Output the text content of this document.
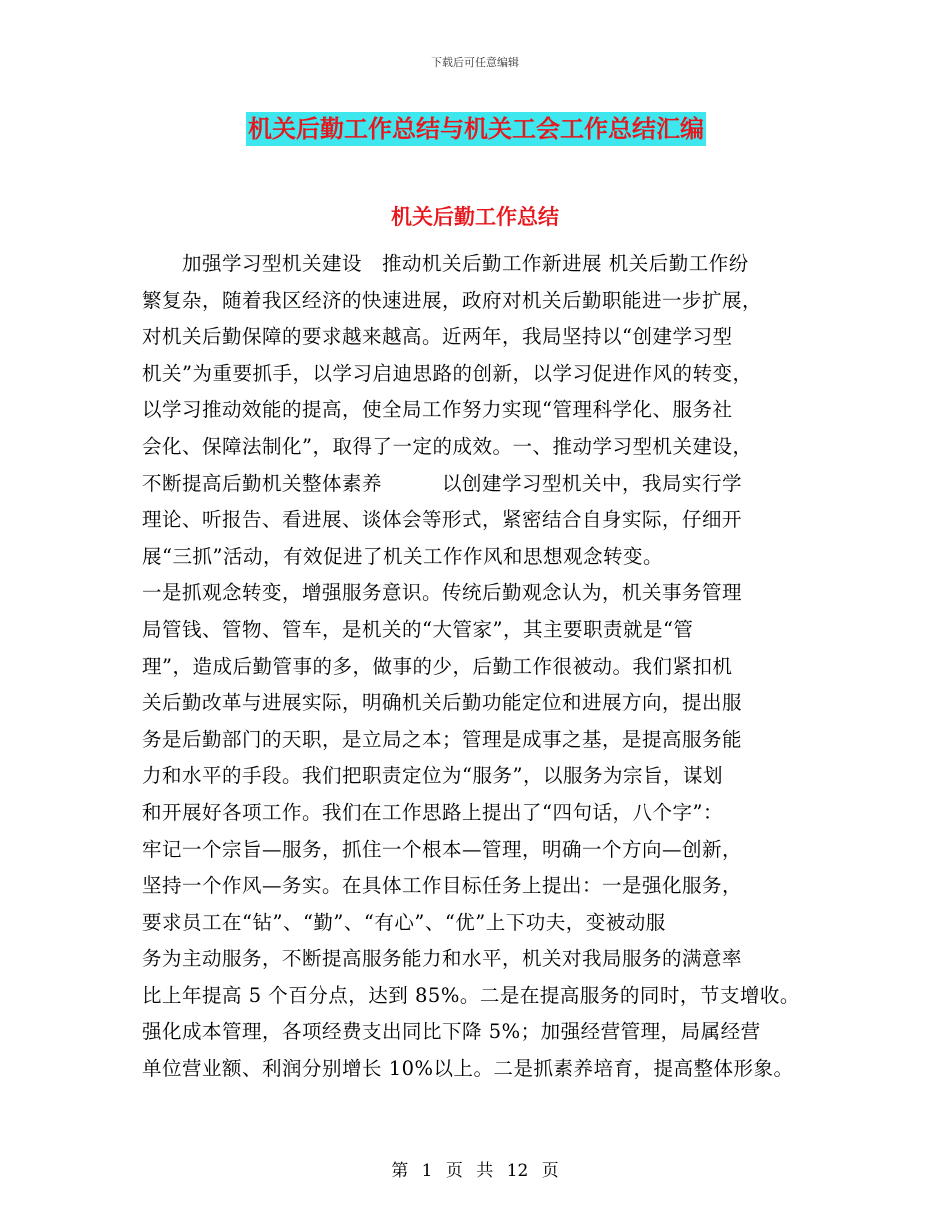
下载后可任意编辑
机关后勤工作总结与机关工会工作总结汇编
机关后勤工作总结
　　加强学习型机关建设　推动机关后勤工作新进展 机关后勤工作纷
繁复杂，随着我区经济的快速进展，政府对机关后勤职能进一步扩展，
对机关后勤保障的要求越来越高。近两年，我局坚持以“创建学习型
机关”为重要抓手，以学习启迪思路的创新，以学习促进作风的转变，
以学习推动效能的提高，使全局工作努力实现“管理科学化、服务社
会化、保障法制化”，取得了一定的成效。一、推动学习型机关建设，
不断提高后勤机关整体素养　　　以创建学习型机关中，我局实行学
理论、听报告、看进展、谈体会等形式，紧密结合自身实际，仔细开
展“三抓”活动，有效促进了机关工作作风和思想观念转变。
一是抓观念转变，增强服务意识。传统后勤观念认为，机关事务管理
局管钱、管物、管车，是机关的“大管家”，其主要职责就是“管
理”，造成后勤管事的多，做事的少，后勤工作很被动。我们紧扣机
关后勤改革与进展实际，明确机关后勤功能定位和进展方向，提出服
务是后勤部门的天职，是立局之本；管理是成事之基，是提高服务能
力和水平的手段。我们把职责定位为“服务”，以服务为宗旨，谋划
和开展好各项工作。我们在工作思路上提出了“四句话，八个字”：
牢记一个宗旨—服务，抓住一个根本—管理，明确一个方向—创新，
坚持一个作风—务实。在具体工作目标任务上提出：一是强化服务，
要求员工在“钻”、“勤”、“有心”、“优”上下功夫，变被动服
务为主动服务，不断提高服务能力和水平，机关对我局服务的满意率
比上年提高 5 个百分点，达到 85%。二是在提高服务的同时，节支增收。
强化成本管理，各项经费支出同比下降 5%；加强经营管理，局属经营
单位营业额、利润分别增长 10%以上。二是抓素养培育，提高整体形象。
第 1 页 共 12 页
